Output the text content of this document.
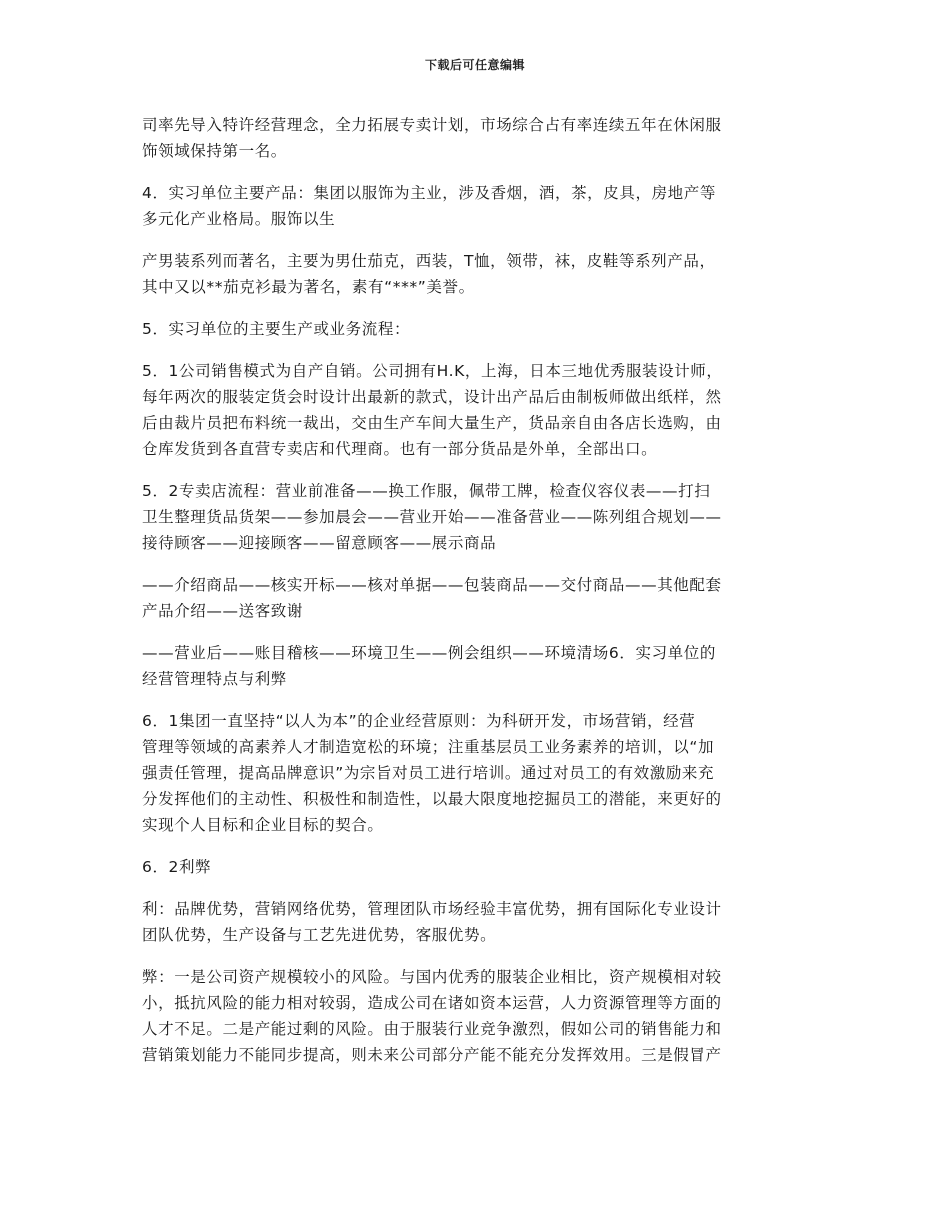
下载后可任意编辑

司率先导入特许经营理念，全力拓展专卖计划，市场综合占有率连续五年在休闲服
饰领域保持第一名。

4．实习单位主要产品：集团以服饰为主业，涉及香烟，酒，茶，皮具，房地产等
多元化产业格局。服饰以生

产男装系列而著名，主要为男仕茄克，西装，T恤，领带，袜，皮鞋等系列产品，
其中又以**茄克衫最为著名，素有“***”美誉。

5．实习单位的主要生产或业务流程：

5．1公司销售模式为自产自销。公司拥有H.K，上海，日本三地优秀服装设计师，
每年两次的服装定货会时设计出最新的款式，设计出产品后由制板师做出纸样，然
后由裁片员把布料统一裁出，交由生产车间大量生产，货品亲自由各店长选购，由
仓库发货到各直营专卖店和代理商。也有一部分货品是外单，全部出口。

5．2专卖店流程：营业前准备——换工作服，佩带工牌，检查仪容仪表——打扫
卫生整理货品货架——参加晨会——营业开始——准备营业——陈列组合规划——
接待顾客——迎接顾客——留意顾客——展示商品

——介绍商品——核实开标——核对单据——包装商品——交付商品——其他配套
产品介绍——送客致谢

——营业后——账目稽核——环境卫生——例会组织——环境清场6．实习单位的
经营管理特点与利弊

6．1集团一直坚持“以人为本”的企业经营原则：为科研开发，市场营销，经营
管理等领域的高素养人才制造宽松的环境；注重基层员工业务素养的培训，以“加
强责任管理，提高品牌意识”为宗旨对员工进行培训。通过对员工的有效激励来充
分发挥他们的主动性、积极性和制造性，以最大限度地挖掘员工的潜能，来更好的
实现个人目标和企业目标的契合。

6．2利弊

利：品牌优势，营销网络优势，管理团队市场经验丰富优势，拥有国际化专业设计
团队优势，生产设备与工艺先进优势，客服优势。

弊：一是公司资产规模较小的风险。与国内优秀的服装企业相比，资产规模相对较
小，抵抗风险的能力相对较弱，造成公司在诸如资本运营，人力资源管理等方面的
人才不足。二是产能过剩的风险。由于服装行业竞争激烈，假如公司的销售能力和
营销策划能力不能同步提高，则未来公司部分产能不能充分发挥效用。三是假冒产
